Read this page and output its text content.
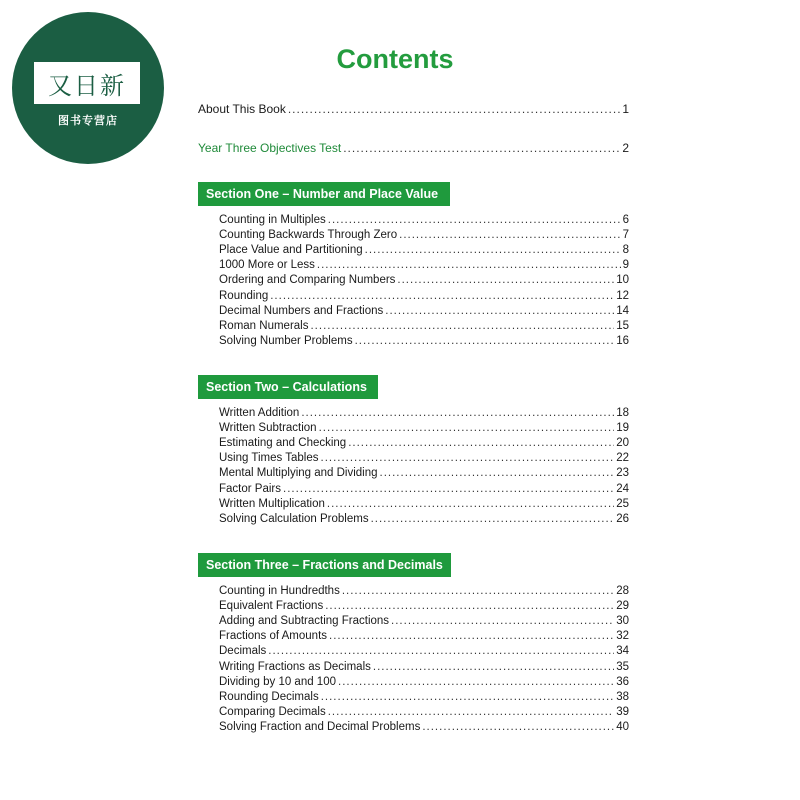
又日新
图书专营店
Contents
About This Book .....	1
Year Three Objectives Test .....	2
Section One – Number and Place Value
Counting in Multiples .....	6
Counting Backwards Through Zero .....	7
Place Value and Partitioning .....	8
1000 More or Less .....	9
Ordering and Comparing Numbers .....	10
Rounding .....	12
Decimal Numbers and Fractions .....	14
Roman Numerals .....	15
Solving Number Problems .....	16
Section Two – Calculations
Written Addition .....	18
Written Subtraction .....	19
Estimating and Checking .....	20
Using Times Tables .....	22
Mental Multiplying and Dividing .....	23
Factor Pairs .....	24
Written Multiplication .....	25
Solving Calculation Problems .....	26
Section Three – Fractions and Decimals
Counting in Hundredths .....	28
Equivalent Fractions .....	29
Adding and Subtracting Fractions .....	30
Fractions of Amounts .....	32
Decimals .....	34
Writing Fractions as Decimals .....	35
Dividing by 10 and 100 .....	36
Rounding Decimals .....	38
Comparing Decimals .....	39
Solving Fraction and Decimal Problems .....	40
